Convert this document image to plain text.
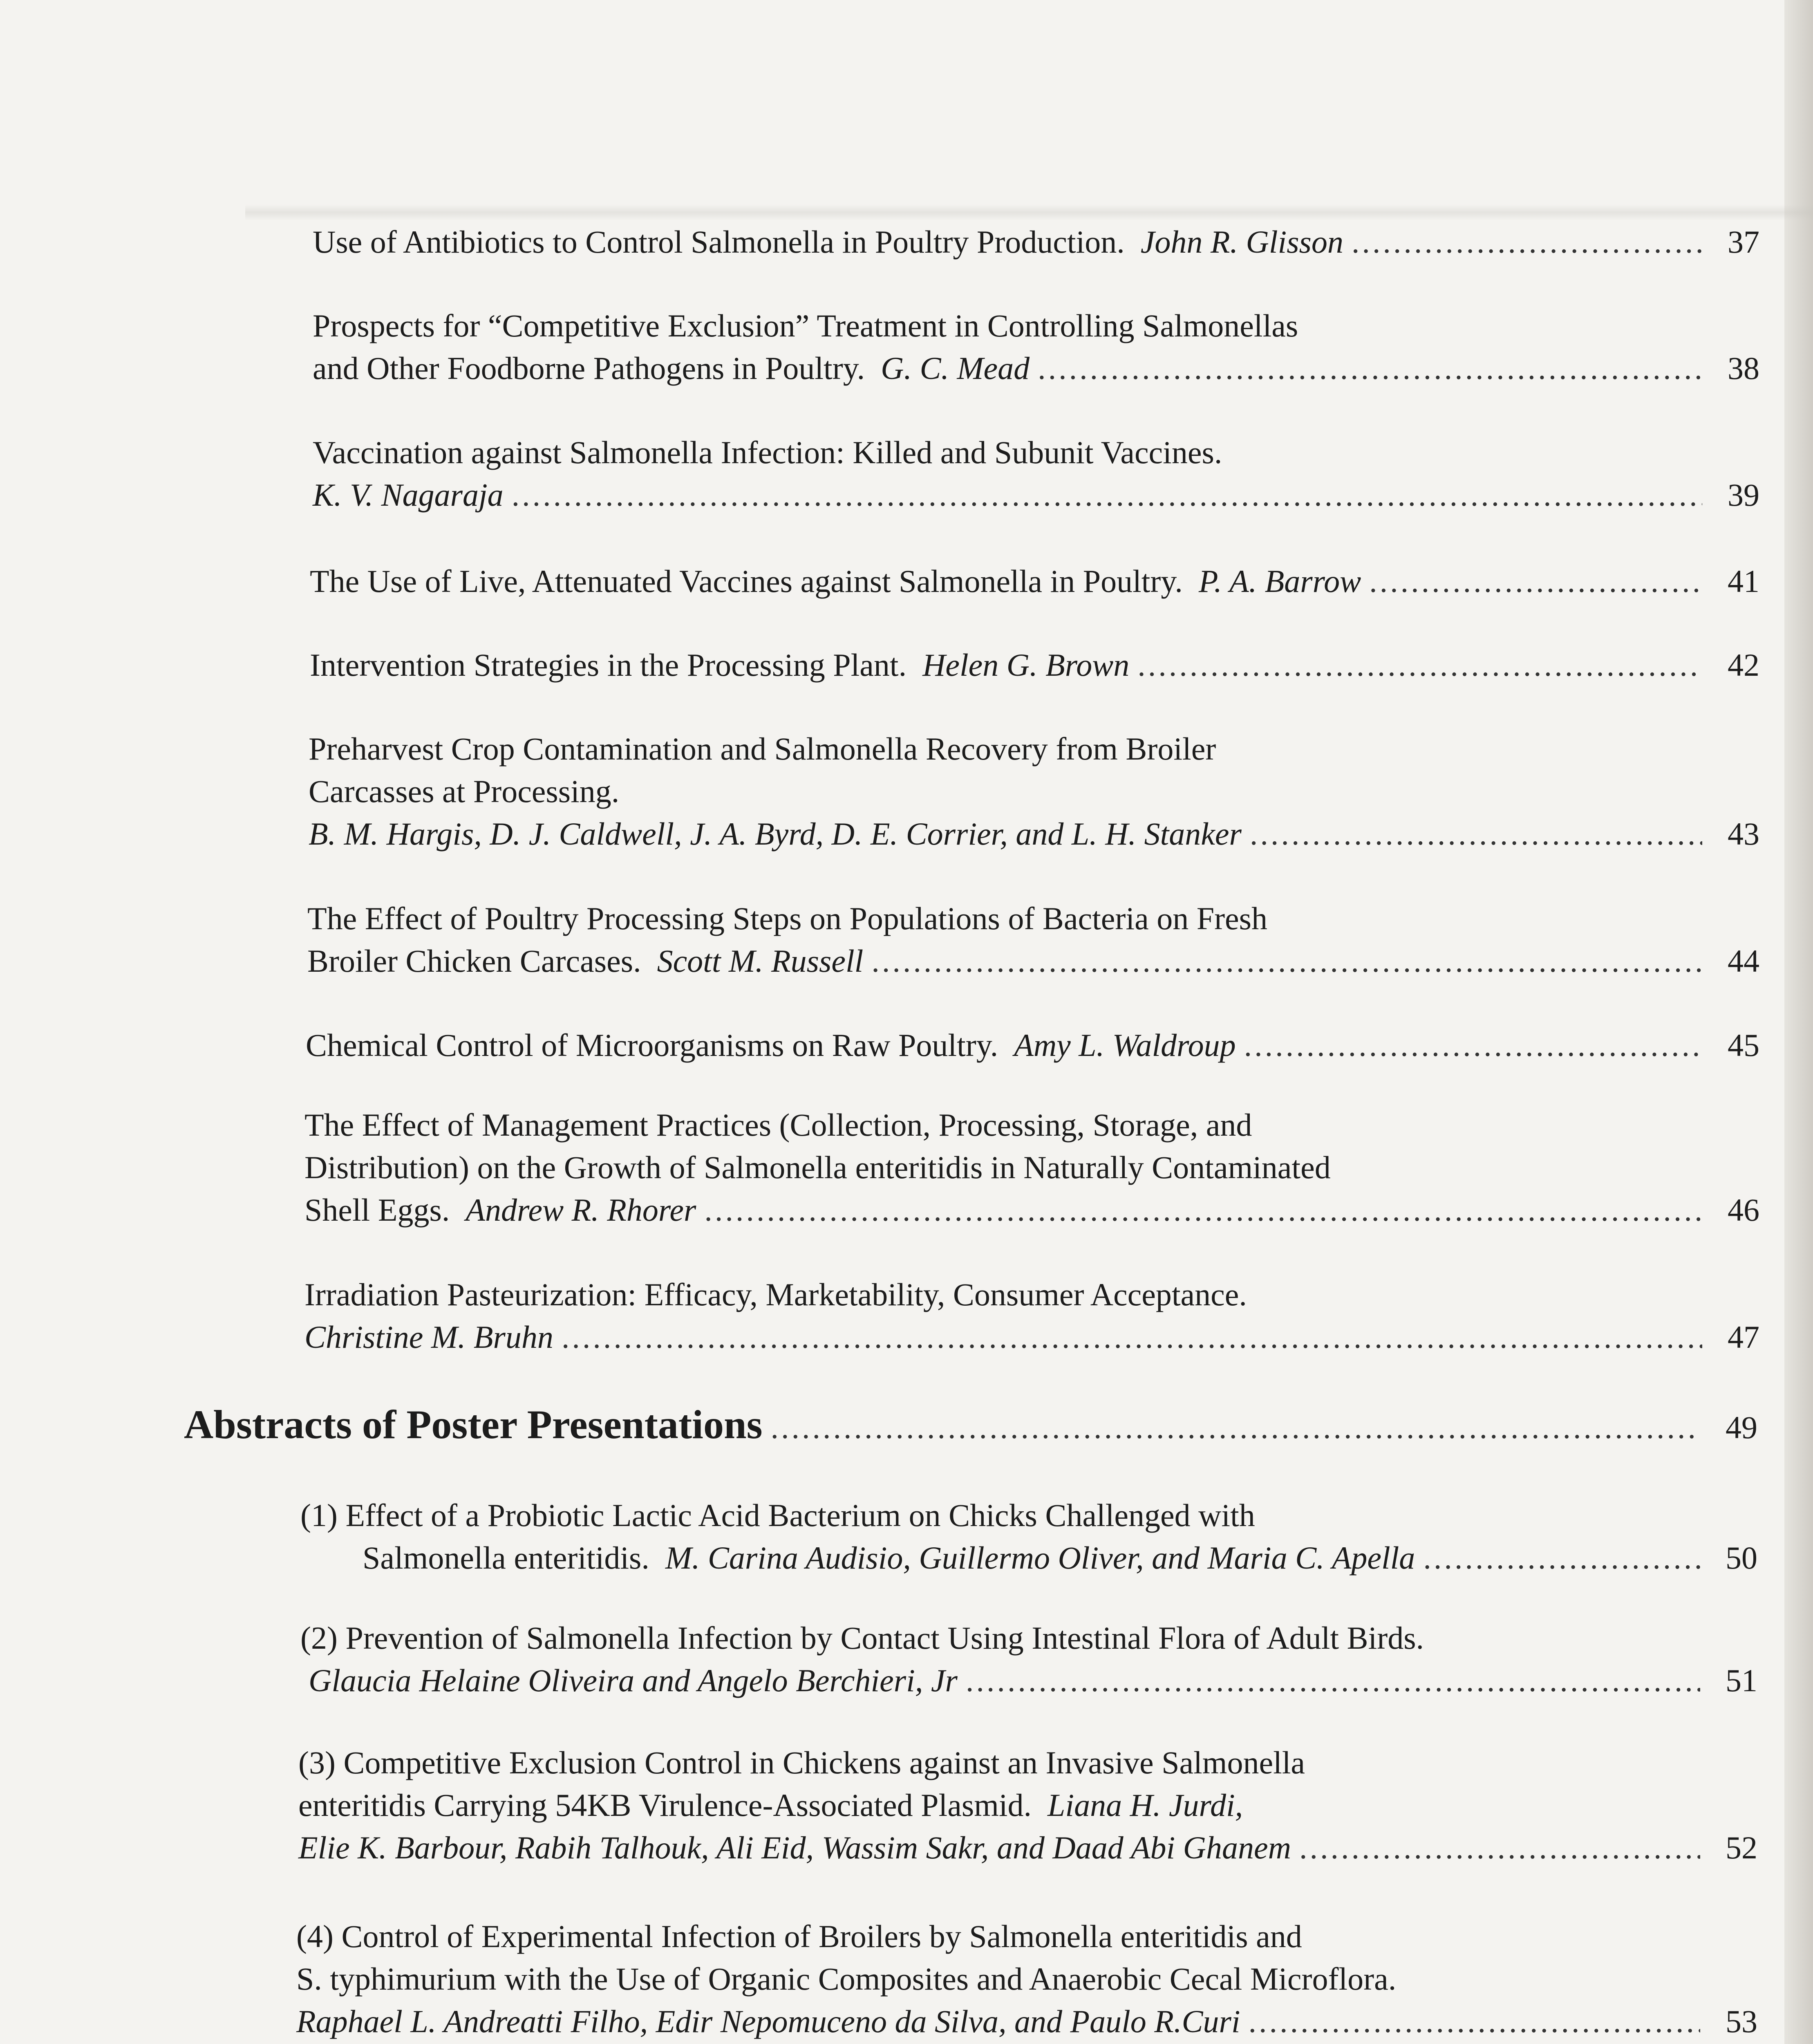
Use of Antibiotics to Control Salmonella in Poultry Production. John R. Glisson .....	37
Prospects for “Competitive Exclusion” Treatment in Controlling Salmonellas
and Other Foodborne Pathogens in Poultry. G. C. Mead .....	38
Vaccination against Salmonella Infection: Killed and Subunit Vaccines.
K. V. Nagaraja .....	39
The Use of Live, Attenuated Vaccines against Salmonella in Poultry. P. A. Barrow .....	41
Intervention Strategies in the Processing Plant. Helen G. Brown .....	42
Preharvest Crop Contamination and Salmonella Recovery from Broiler
Carcasses at Processing.
B. M. Hargis, D. J. Caldwell, J. A. Byrd, D. E. Corrier, and L. H. Stanker .....	43
The Effect of Poultry Processing Steps on Populations of Bacteria on Fresh
Broiler Chicken Carcases. Scott M. Russell .....	44
Chemical Control of Microorganisms on Raw Poultry. Amy L. Waldroup .....	45
The Effect of Management Practices (Collection, Processing, Storage, and
Distribution) on the Growth of Salmonella enteritidis in Naturally Contaminated
Shell Eggs. Andrew R. Rhorer .....	46
Irradiation Pasteurization: Efficacy, Marketability, Consumer Acceptance.
Christine M. Bruhn .....	47
Abstracts of Poster Presentations .....	49
(1) Effect of a Probiotic Lactic Acid Bacterium on Chicks Challenged with
Salmonella enteritidis. M. Carina Audisio, Guillermo Oliver, and Maria C. Apella .....	50
(2) Prevention of Salmonella Infection by Contact Using Intestinal Flora of Adult Birds.
Glaucia Helaine Oliveira and Angelo Berchieri, Jr .....	51
(3) Competitive Exclusion Control in Chickens against an Invasive Salmonella
enteritidis Carrying 54KB Virulence-Associated Plasmid. Liana H. Jurdi,
Elie K. Barbour, Rabih Talhouk, Ali Eid, Wassim Sakr, and Daad Abi Ghanem .....	52
(4) Control of Experimental Infection of Broilers by Salmonella enteritidis and
S. typhimurium with the Use of Organic Composites and Anaerobic Cecal Microflora.
Raphael L. Andreatti Filho, Edir Nepomuceno da Silva, and Paulo R.Curi .....	53
